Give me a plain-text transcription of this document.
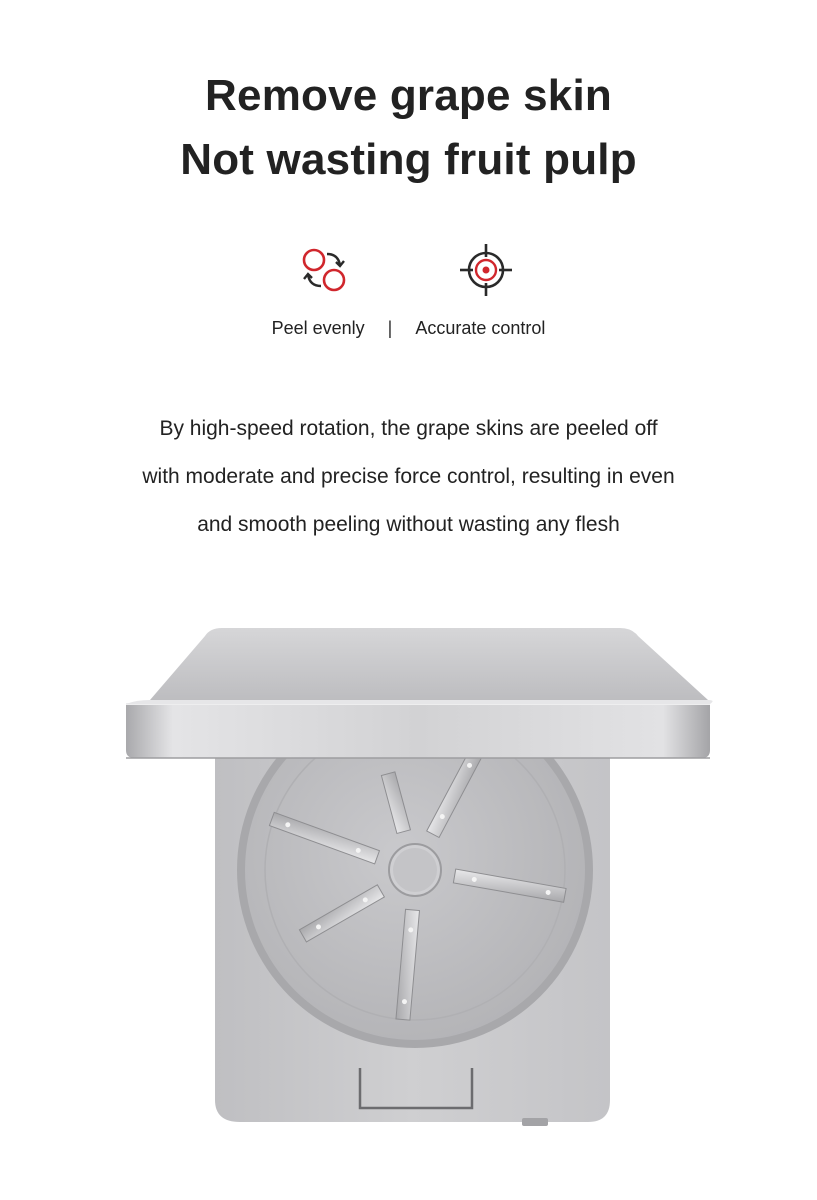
Remove grape skin
Not wasting fruit pulp
Peel evenly | Accurate control
By high-speed rotation, the grape skins are peeled off
with moderate and precise force control, resulting in even
and smooth peeling without wasting any flesh
